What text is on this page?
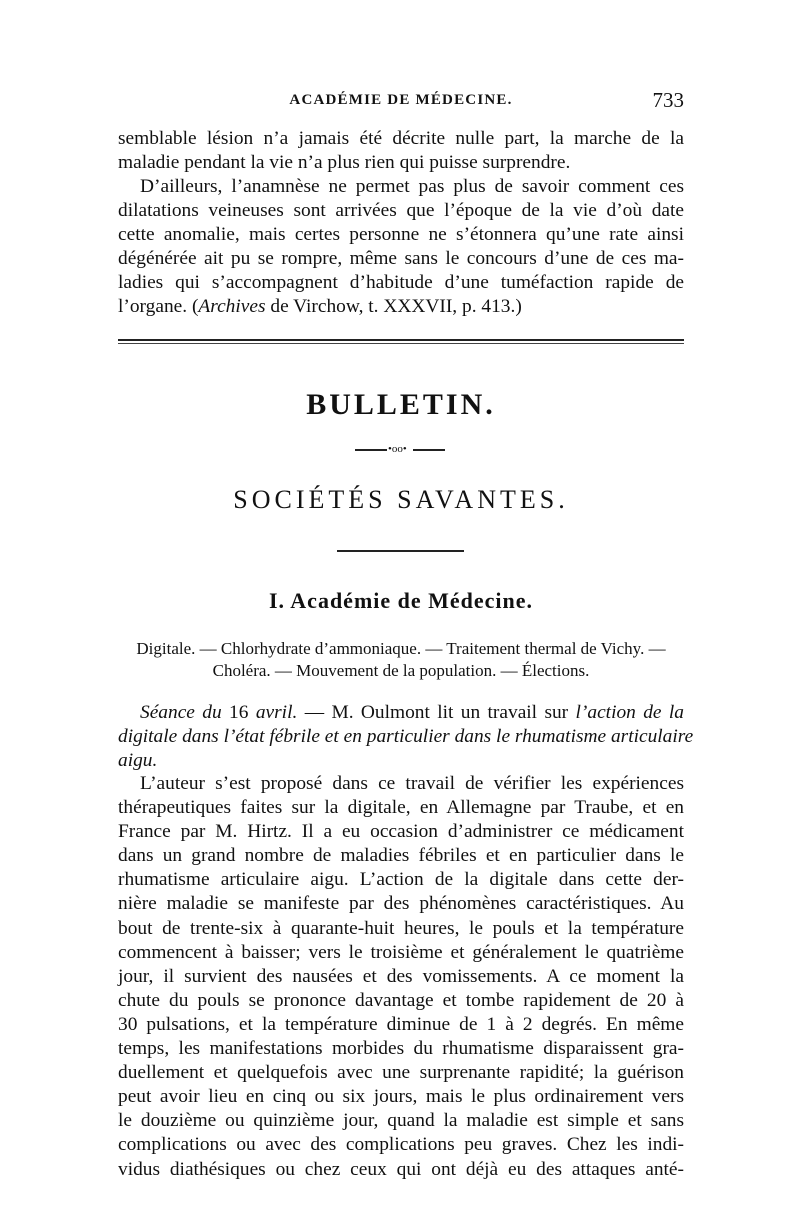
ACADÉMIE DE MÉDECINE.	733
semblable lésion n’a jamais été décrite nulle part, la marche de la
maladie pendant la vie n’a plus rien qui puisse surprendre.
D’ailleurs, l’anamnèse ne permet pas plus de savoir comment ces
dilatations veineuses sont arrivées que l’époque de la vie d’où date
cette anomalie, mais certes personne ne s’étonnera qu’une rate ainsi
dégénérée ait pu se rompre, même sans le concours d’une de ces ma-
ladies qui s’accompagnent d’habitude d’une tuméfaction rapide de
l’organe. (Archives de Virchow, t. XXXVII, p. 413.)
BULLETIN.
•oo•
SOCIÉTÉS SAVANTES.
I. Académie de Médecine.
Digitale. — Chlorhydrate d’ammoniaque. — Traitement thermal de Vichy. —
Choléra. — Mouvement de la population. — Élections.
Séance du 16 avril. — M. Oulmont lit un travail sur l’action de la
digitale dans l’état fébrile et en particulier dans le rhumatisme articulaire
aigu.
L’auteur s’est proposé dans ce travail de vérifier les expériences
thérapeutiques faites sur la digitale, en Allemagne par Traube, et en
France par M. Hirtz. Il a eu occasion d’administrer ce médicament
dans un grand nombre de maladies fébriles et en particulier dans le
rhumatisme articulaire aigu. L’action de la digitale dans cette der-
nière maladie se manifeste par des phénomènes caractéristiques. Au
bout de trente-six à quarante-huit heures, le pouls et la température
commencent à baisser; vers le troisième et généralement le quatrième
jour, il survient des nausées et des vomissements. A ce moment la
chute du pouls se prononce davantage et tombe rapidement de 20 à
30 pulsations, et la température diminue de 1 à 2 degrés. En même
temps, les manifestations morbides du rhumatisme disparaissent gra-
duellement et quelquefois avec une surprenante rapidité; la guérison
peut avoir lieu en cinq ou six jours, mais le plus ordinairement vers
le douzième ou quinzième jour, quand la maladie est simple et sans
complications ou avec des complications peu graves. Chez les indi-
vidus diathésiques ou chez ceux qui ont déjà eu des attaques anté-
